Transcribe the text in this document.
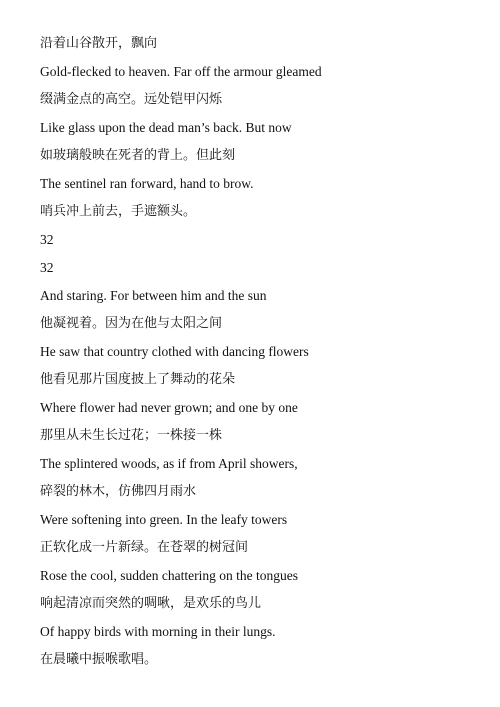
沿着山谷散开，飘向
Gold-flecked to heaven. Far off the armour gleamed
缀满金点的高空。远处铠甲闪烁
Like glass upon the dead man’s back. But now
如玻璃般映在死者的背上。但此刻
The sentinel ran forward, hand to brow.
哨兵冲上前去，手遮额头。
32
32
And staring. For between him and the sun
他凝视着。因为在他与太阳之间
He saw that country clothed with dancing flowers
他看见那片国度披上了舞动的花朵
Where flower had never grown; and one by one
那里从未生长过花；一株接一株
The splintered woods, as if from April showers,
碎裂的林木，仿佛四月雨水
Were softening into green. In the leafy towers
正软化成一片新绿。在苍翠的树冠间
Rose the cool, sudden chattering on the tongues
响起清凉而突然的啁啾，是欢乐的鸟儿
Of happy birds with morning in their lungs.
在晨曦中振喉歌唱。
